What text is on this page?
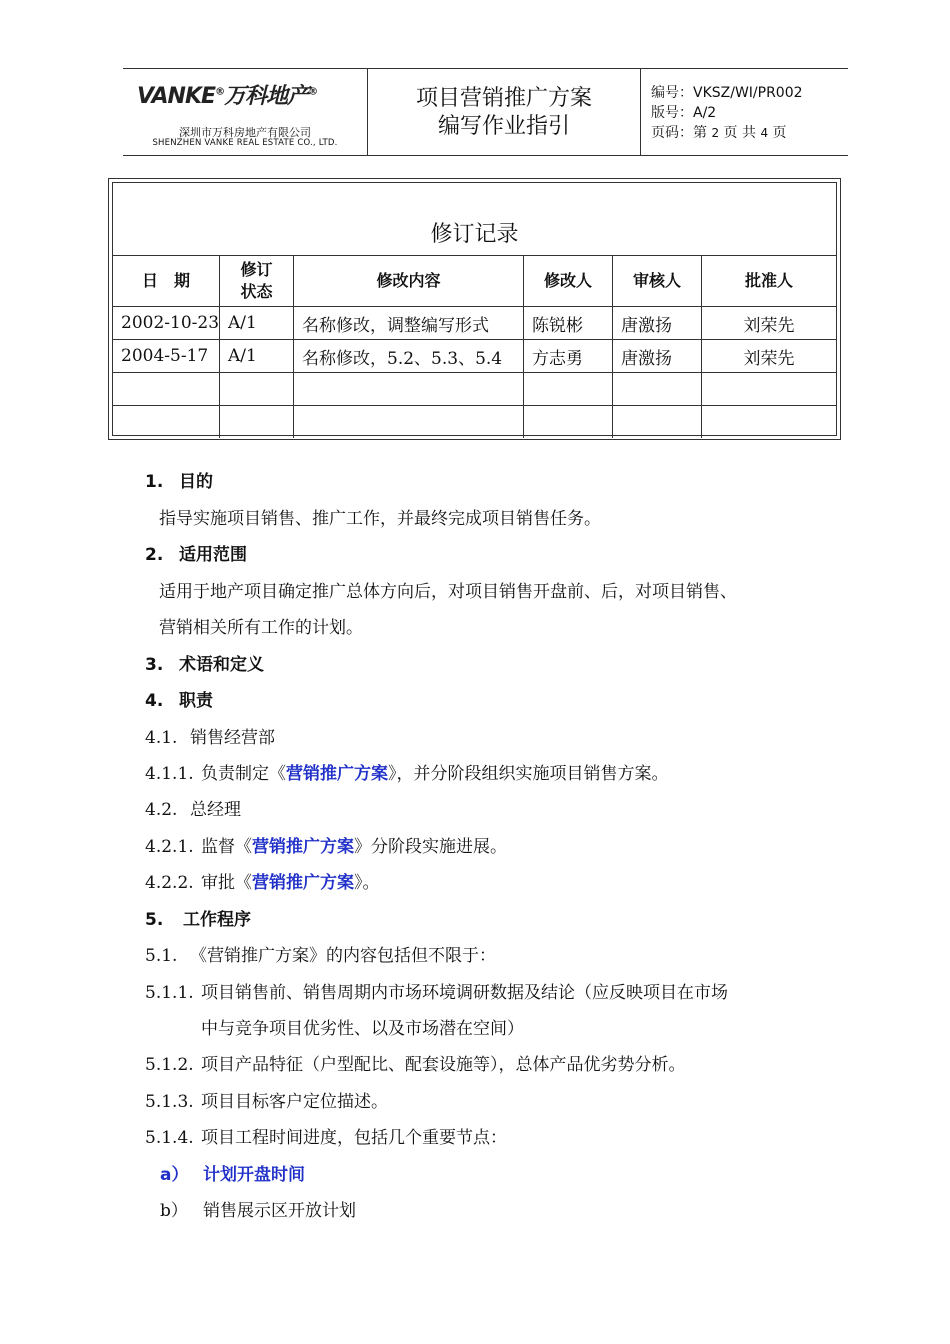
VANKE®万科地产®
深圳市万科房地产有限公司
SHENZHEN VANKE REAL ESTATE CO., LTD.
项目营销推广方案
编写作业指引
编号：VKSZ/WI/PR002
版号：A/2
页码：第 2 页 共 4 页
修订记录
日　期	修订状态	修改内容	修改人	审核人	批准人
2002-10-23	A/1	名称修改，调整编写形式	陈锐彬	唐激扬	刘荣先
2004-5-17	A/1	名称修改，5.2、5.3、5.4	方志勇	唐激扬	刘荣先

1. 目的
指导实施项目销售、推广工作，并最终完成项目销售任务。
2. 适用范围
适用于地产项目确定推广总体方向后，对项目销售开盘前、后，对项目销售、
营销相关所有工作的计划。
3. 术语和定义
4. 职责
4.1. 销售经营部
4.1.1. 负责制定《营销推广方案》，并分阶段组织实施项目销售方案。
4.2. 总经理
4.2.1. 监督《营销推广方案》分阶段实施进展。
4.2.2. 审批《营销推广方案》。
5. 工作程序
5.1. 《营销推广方案》的内容包括但不限于：
5.1.1. 项目销售前、销售周期内市场环境调研数据及结论（应反映项目在市场
中与竞争项目优劣性、以及市场潜在空间）
5.1.2. 项目产品特征（户型配比、配套设施等），总体产品优劣势分析。
5.1.3. 项目目标客户定位描述。
5.1.4. 项目工程时间进度，包括几个重要节点：
a） 计划开盘时间
b） 销售展示区开放计划
